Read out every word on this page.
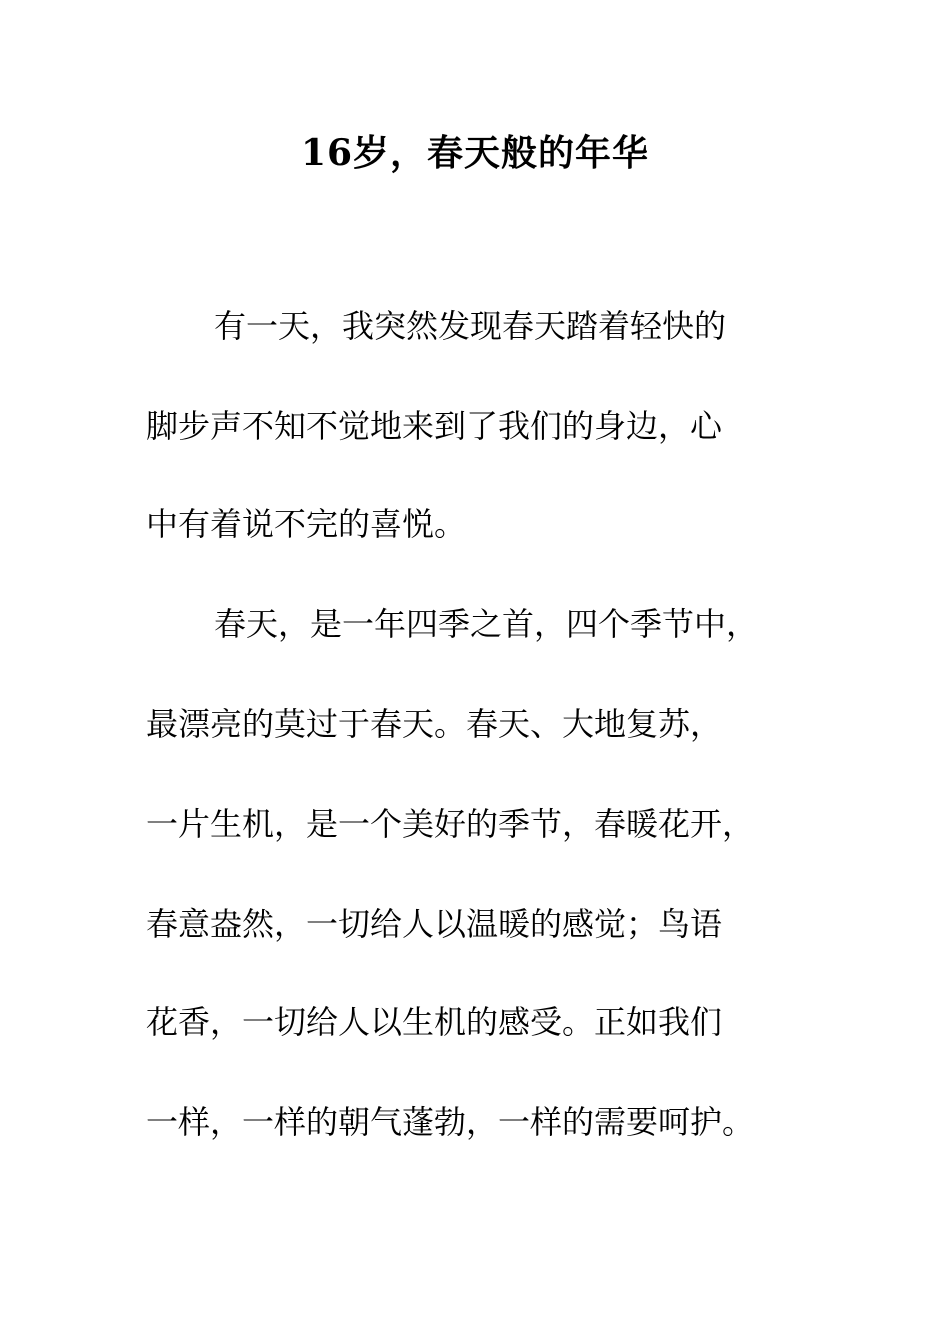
16岁，春天般的年华
有一天，我突然发现春天踏着轻快的
脚步声不知不觉地来到了我们的身边，心
中有着说不完的喜悦。
春天，是一年四季之首，四个季节中，
最漂亮的莫过于春天。春天、大地复苏，
一片生机，是一个美好的季节，春暖花开，
春意盎然，一切给人以温暖的感觉；鸟语
花香，一切给人以生机的感受。正如我们
一样，一样的朝气蓬勃，一样的需要呵护。
